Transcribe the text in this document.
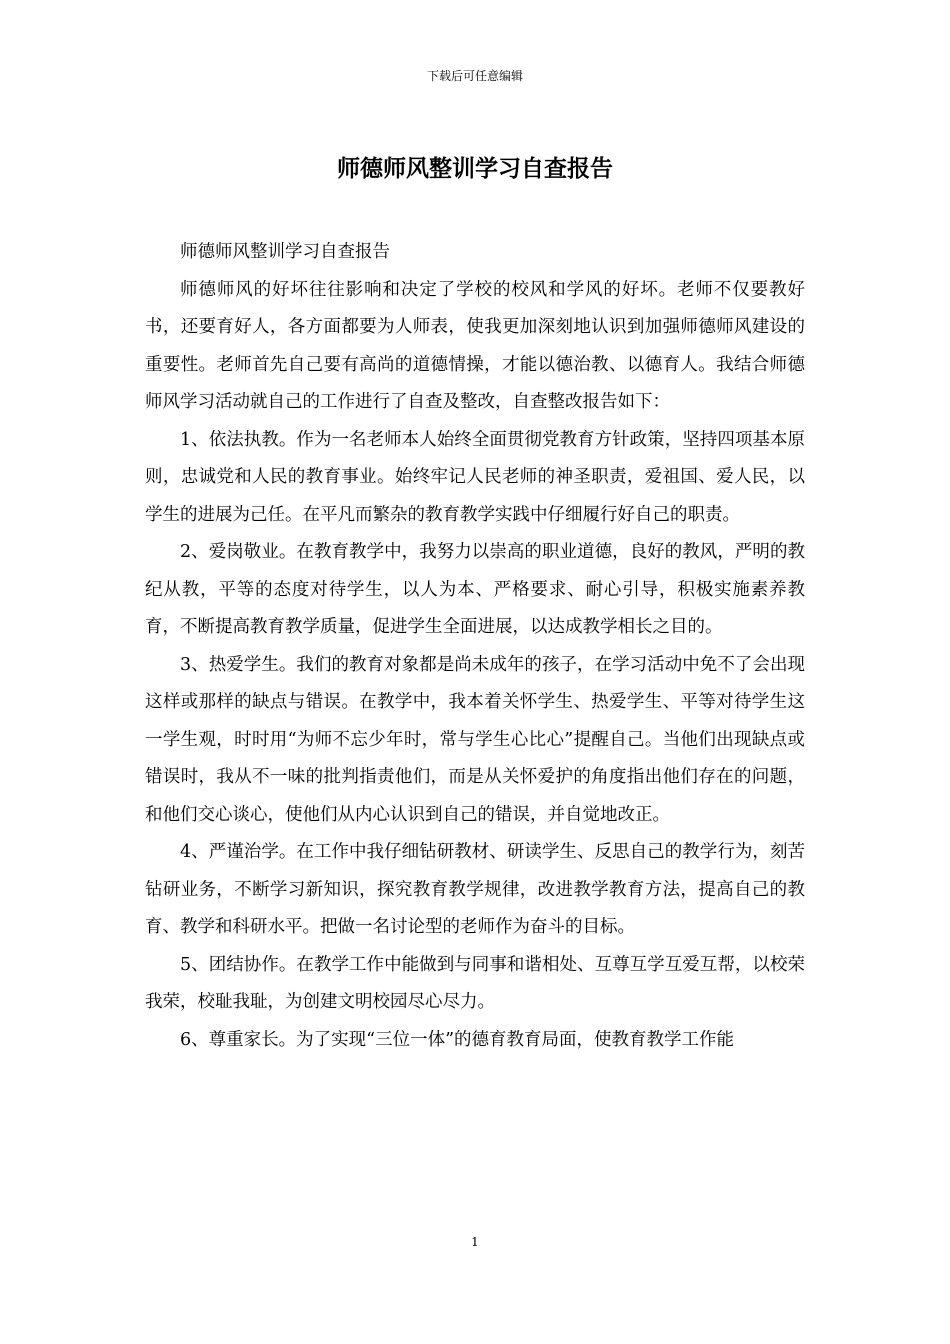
下载后可任意编辑
师德师风整训学习自查报告

师德师风整训学习自查报告

师德师风的好坏往往影响和决定了学校的校风和学风的好坏。老师不仅要教好书，还要育好人，各方面都要为人师表，使我更加深刻地认识到加强师德师风建设的重要性。老师首先自己要有高尚的道德情操，才能以德治教、以德育人。我结合师德师风学习活动就自己的工作进行了自查及整改，自查整改报告如下：

1、依法执教。作为一名老师本人始终全面贯彻党教育方针政策，坚持四项基本原则，忠诚党和人民的教育事业。始终牢记人民老师的神圣职责，爱祖国、爱人民，以学生的进展为己任。在平凡而繁杂的教育教学实践中仔细履行好自己的职责。

2、爱岗敬业。在教育教学中，我努力以崇高的职业道德，良好的教风，严明的教纪从教，平等的态度对待学生，以人为本、严格要求、耐心引导，积极实施素养教育，不断提高教育教学质量，促进学生全面进展，以达成教学相长之目的。

3、热爱学生。我们的教育对象都是尚未成年的孩子，在学习活动中免不了会出现这样或那样的缺点与错误。在教学中，我本着关怀学生、热爱学生、平等对待学生这一学生观，时时用“为师不忘少年时，常与学生心比心”提醒自己。当他们出现缺点或错误时，我从不一味的批判指责他们，而是从关怀爱护的角度指出他们存在的问题，和他们交心谈心，使他们从内心认识到自己的错误，并自觉地改正。

4、严谨治学。在工作中我仔细钻研教材、研读学生、反思自己的教学行为，刻苦钻研业务，不断学习新知识，探究教育教学规律，改进教学教育方法，提高自己的教育、教学和科研水平。把做一名讨论型的老师作为奋斗的目标。

5、团结协作。在教学工作中能做到与同事和谐相处、互尊互学互爱互帮，以校荣我荣，校耻我耻，为创建文明校园尽心尽力。

6、尊重家长。为了实现“三位一体”的德育教育局面，使教育教学工作能

1
